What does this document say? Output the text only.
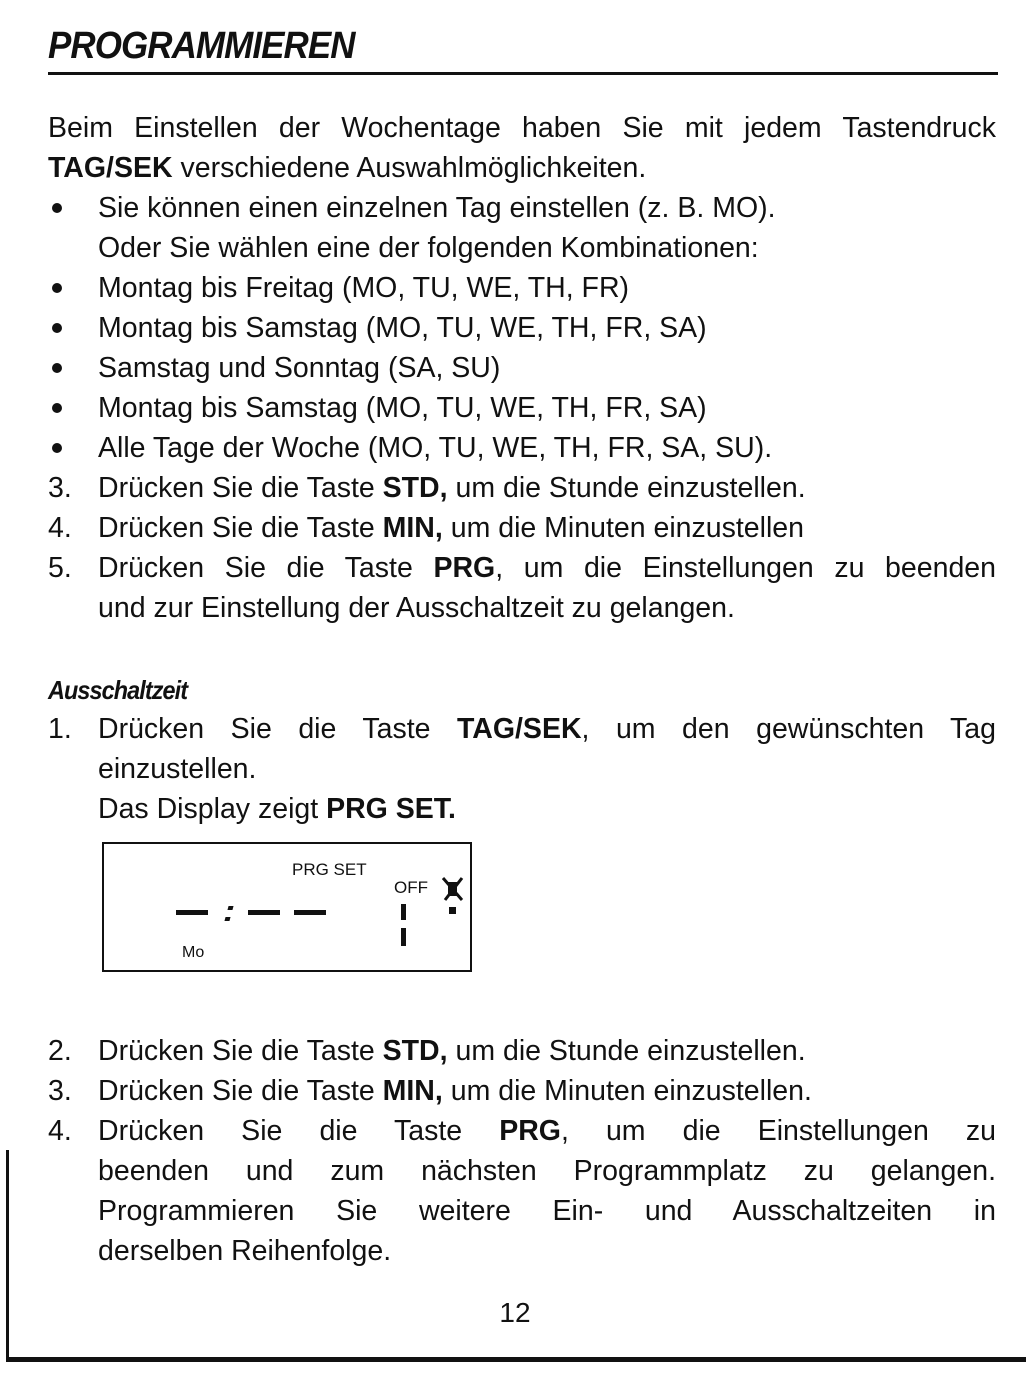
PROGRAMMIEREN
Beim Einstellen der Wochentage haben Sie mit jedem Tastendruck
TAG/SEK verschiedene Auswahlmöglichkeiten.
Sie können einen einzelnen Tag einstellen (z. B. MO).
Oder Sie wählen eine der folgenden Kombinationen:
Montag bis Freitag (MO, TU, WE, TH, FR)
Montag bis Samstag (MO, TU, WE, TH, FR, SA)
Samstag und Sonntag (SA, SU)
Montag bis Samstag (MO, TU, WE, TH, FR, SA)
Alle Tage der Woche (MO, TU, WE, TH, FR, SA, SU).
3. Drücken Sie die Taste STD, um die Stunde einzustellen.
4. Drücken Sie die Taste MIN, um die Minuten einzustellen
5. Drücken Sie die Taste PRG, um die Einstellungen zu beenden
und zur Einstellung der Ausschaltzeit zu gelangen.
Ausschaltzeit
1. Drücken Sie die Taste TAG/SEK, um den gewünschten Tag
einzustellen.
Das Display zeigt PRG SET.
PRG SET
OFF
Mo
2. Drücken Sie die Taste STD, um die Stunde einzustellen.
3. Drücken Sie die Taste MIN, um die Minuten einzustellen.
4. Drücken Sie die Taste PRG, um die Einstellungen zu
beenden und zum nächsten Programmplatz zu gelangen.
Programmieren Sie weitere Ein- und Ausschaltzeiten in
derselben Reihenfolge.
12
